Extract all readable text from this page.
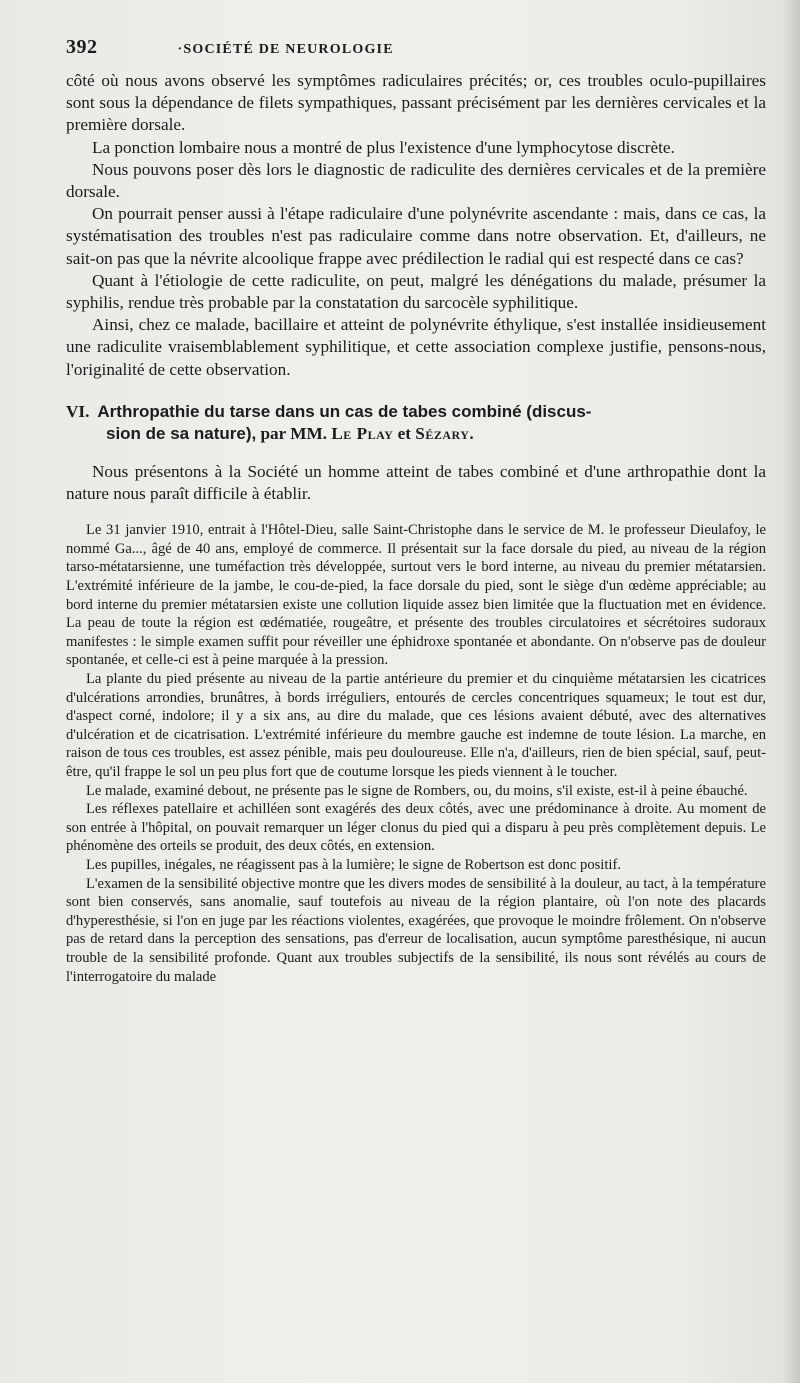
392	·SOCIÉTÉ DE NEUROLOGIE

côté où nous avons observé les symptômes radiculaires précités; or, ces troubles oculo-pupillaires sont sous la dépendance de filets sympathiques, passant précisément par les dernières cervicales et la première dorsale.

La ponction lombaire nous a montré de plus l'existence d'une lymphocytose discrète.

Nous pouvons poser dès lors le diagnostic de radiculite des dernières cervicales et de la première dorsale.

On pourrait penser aussi à l'étape radiculaire d'une polynévrite ascendante : mais, dans ce cas, la systématisation des troubles n'est pas radiculaire comme dans notre observation. Et, d'ailleurs, ne sait-on pas que la névrite alcoolique frappe avec prédilection le radial qui est respecté dans ce cas?

Quant à l'étiologie de cette radiculite, on peut, malgré les dénégations du malade, présumer la syphilis, rendue très probable par la constatation du sarcocèle syphilitique.

Ainsi, chez ce malade, bacillaire et atteint de polynévrite éthylique, s'est installée insidieusement une radiculite vraisemblablement syphilitique, et cette association complexe justifie, pensons-nous, l'originalité de cette observation.

VI. Arthropathie du tarse dans un cas de tabes combiné (discus-
sion de sa nature), par MM. Le Play et Sézary.

Nous présentons à la Société un homme atteint de tabes combiné et d'une arthropathie dont la nature nous paraît difficile à établir.

Le 31 janvier 1910, entrait à l'Hôtel-Dieu, salle Saint-Christophe dans le service de M. le professeur Dieulafoy, le nommé Ga..., âgé de 40 ans, employé de commerce. Il présentait sur la face dorsale du pied, au niveau de la région tarso-métatarsienne, une tuméfaction très développée, surtout vers le bord interne, au niveau du premier métatarsien. L'extrémité inférieure de la jambe, le cou-de-pied, la face dorsale du pied, sont le siège d'un œdème appréciable; au bord interne du premier métatarsien existe une collution liquide assez bien limitée que la fluctuation met en évidence. La peau de toute la région est œdématiée, rougeâtre, et présente des troubles circulatoires et sécrétoires sudoraux manifestes : le simple examen suffit pour réveiller une éphidroxe spontanée et abondante. On n'observe pas de douleur spontanée, et celle-ci est à peine marquée à la pression.

La plante du pied présente au niveau de la partie antérieure du premier et du cinquième métatarsien les cicatrices d'ulcérations arrondies, brunâtres, à bords irréguliers, entourés de cercles concentriques squameux; le tout est dur, d'aspect corné, indolore; il y a six ans, au dire du malade, que ces lésions avaient débuté, avec des alternatives d'ulcération et de cicatrisation. L'extrémité inférieure du membre gauche est indemne de toute lésion. La marche, en raison de tous ces troubles, est assez pénible, mais peu douloureuse. Elle n'a, d'ailleurs, rien de bien spécial, sauf, peut-être, qu'il frappe le sol un peu plus fort que de coutume lorsque les pieds viennent à le toucher.

Le malade, examiné debout, ne présente pas le signe de Rombers, ou, du moins, s'il existe, est-il à peine ébauché.

Les réflexes patellaire et achilléen sont exagérés des deux côtés, avec une prédominance à droite. Au moment de son entrée à l'hôpital, on pouvait remarquer un léger clonus du pied qui a disparu à peu près complètement depuis. Le phénomène des orteils se produit, des deux côtés, en extension.

Les pupilles, inégales, ne réagissent pas à la lumière; le signe de Robertson est donc positif.

L'examen de la sensibilité objective montre que les divers modes de sensibilité à la douleur, au tact, à la température sont bien conservés, sans anomalie, sauf toutefois au niveau de la région plantaire, où l'on note des placards d'hyperesthésie, si l'on en juge par les réactions violentes, exagérées, que provoque le moindre frôlement. On n'observe pas de retard dans la perception des sensations, pas d'erreur de localisation, aucun symptôme paresthésique, ni aucun trouble de la sensibilité profonde. Quant aux troubles subjectifs de la sensibilité, ils nous sont révélés au cours de l'interrogatoire du malade
